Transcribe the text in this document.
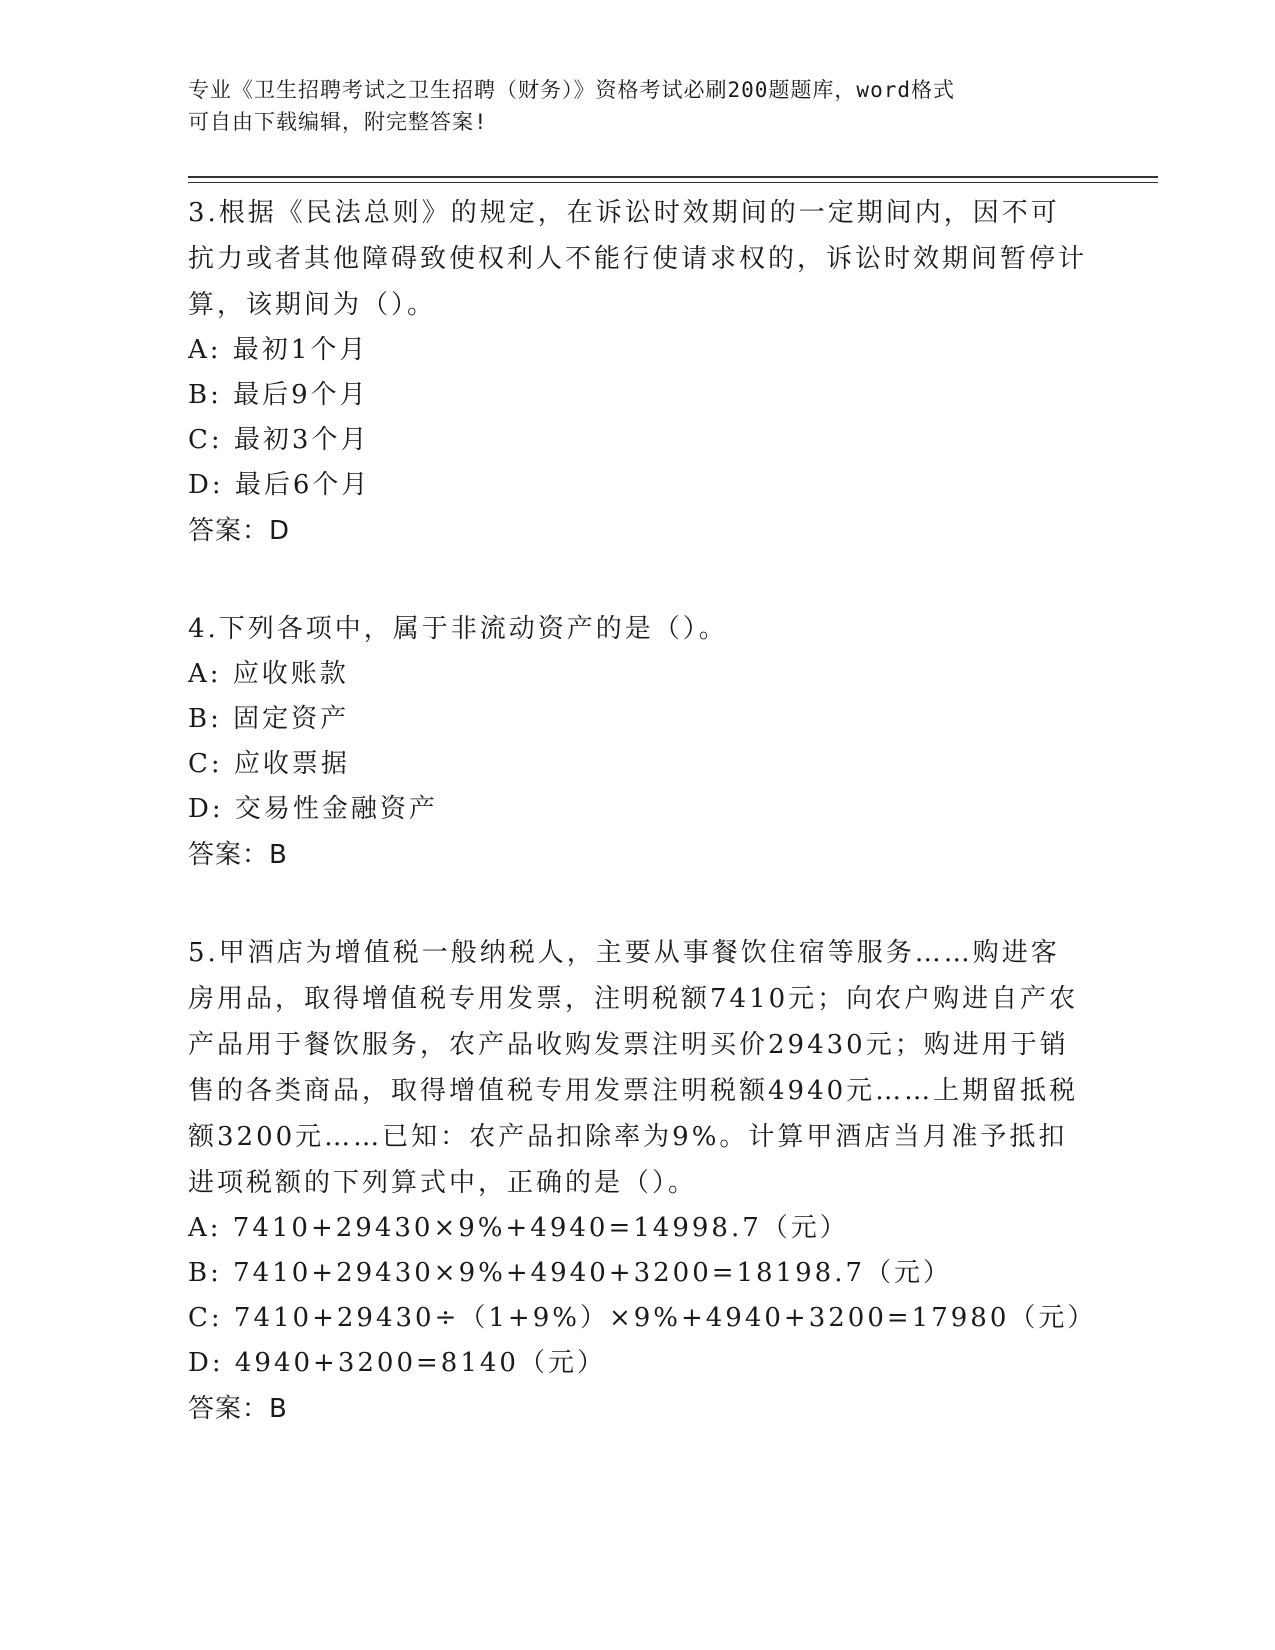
专业《卫生招聘考试之卫生招聘（财务）》资格考试必刷200题题库，word格式
可自由下载编辑，附完整答案!
3.根据《民法总则》的规定，在诉讼时效期间的一定期间内，因不可抗力或者其他障碍致使权利人不能行使请求权的，诉讼时效期间暂停计算，该期间为（）。
A: 最初1个月
B: 最后9个月
C: 最初3个月
D: 最后6个月
答案：D
4.下列各项中，属于非流动资产的是（）。
A: 应收账款
B: 固定资产
C: 应收票据
D: 交易性金融资产
答案：B
5.甲酒店为增值税一般纳税人，主要从事餐饮住宿等服务……购进客房用品，取得增值税专用发票，注明税额7410元；向农户购进自产农产品用于餐饮服务，农产品收购发票注明买价29430元；购进用于销售的各类商品，取得增值税专用发票注明税额4940元……上期留抵税额3200元……已知：农产品扣除率为9%。计算甲酒店当月准予抵扣进项税额的下列算式中，正确的是（）。
A: 7410+29430×9%+4940=14998.7（元）
B: 7410+29430×9%+4940+3200=18198.7（元）
C: 7410+29430÷（1+9%）×9%+4940+3200=17980（元）
D: 4940+3200=8140（元）
答案：B
